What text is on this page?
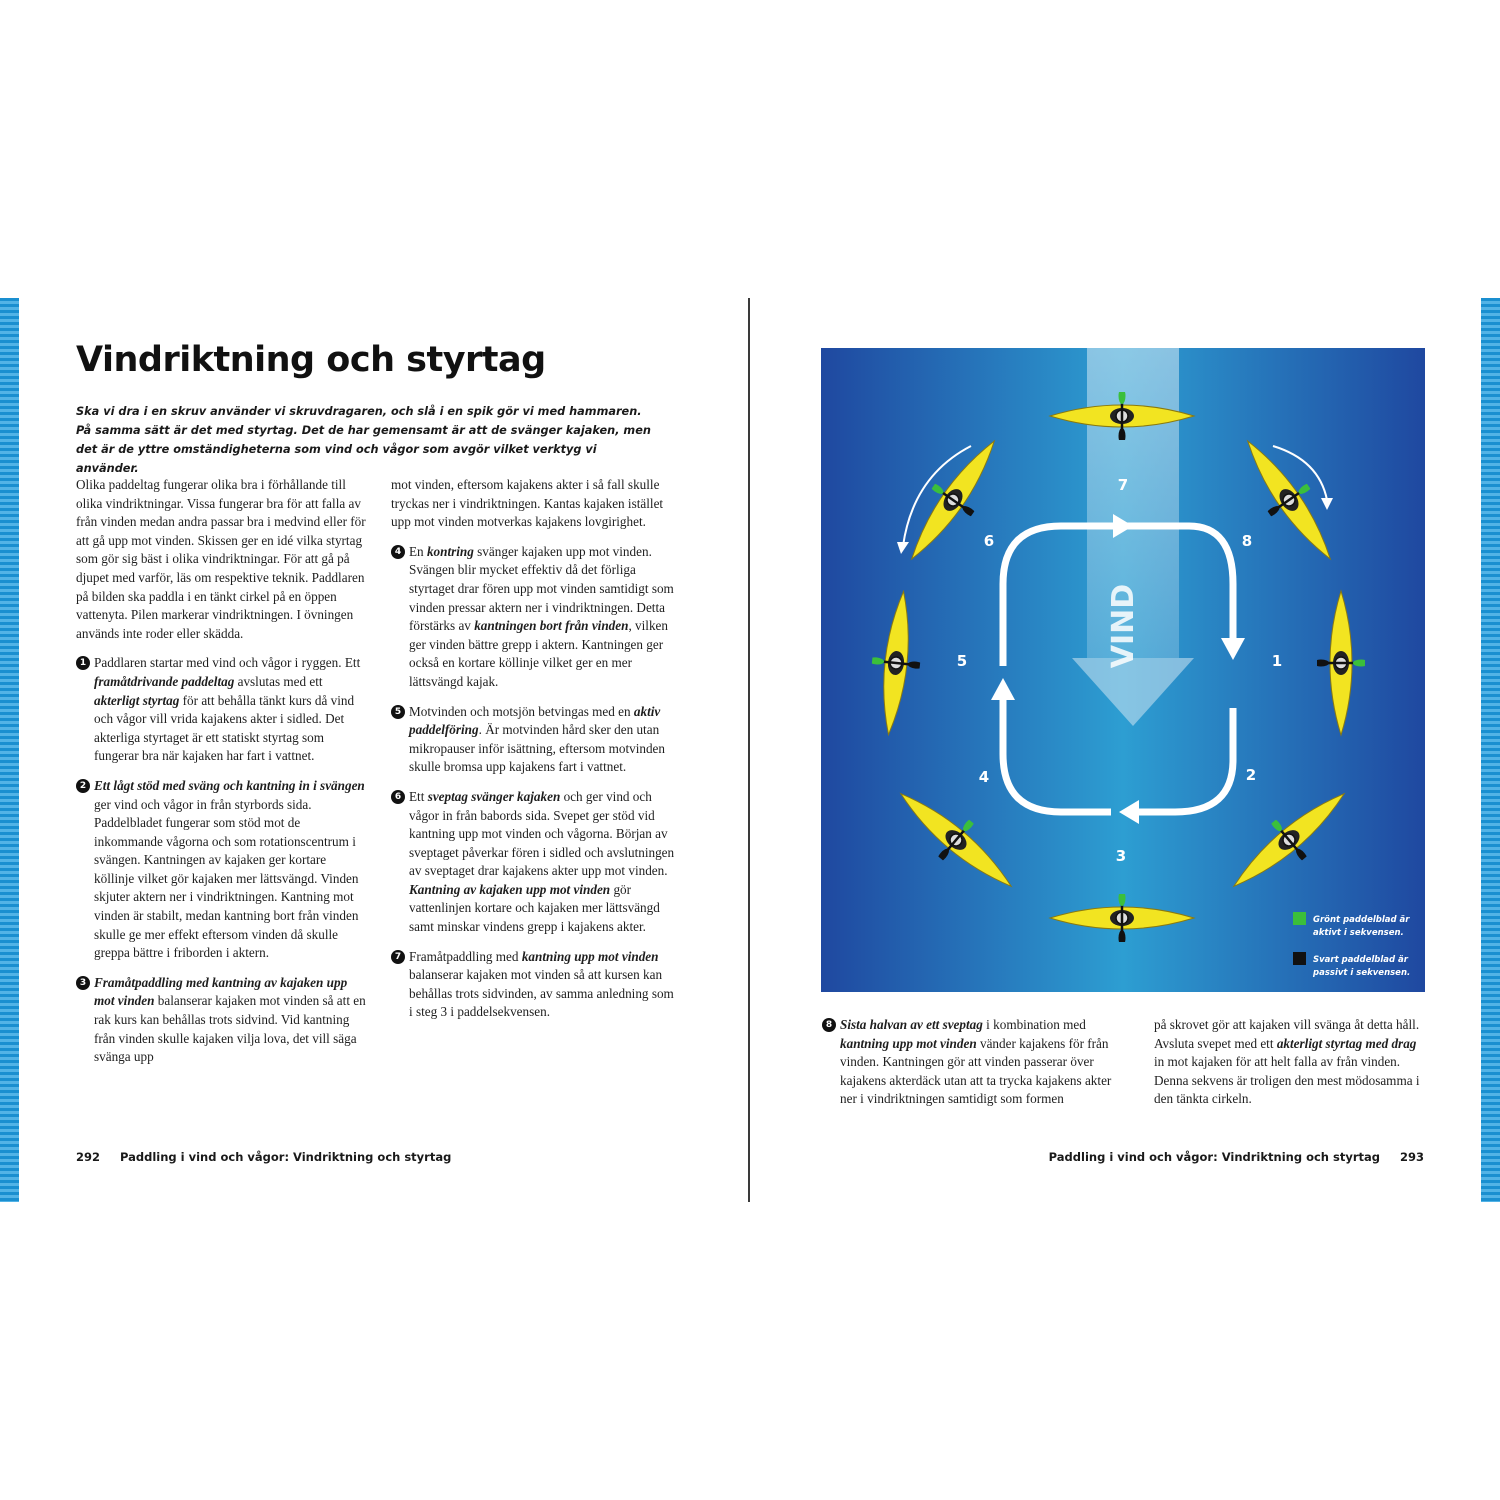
Vindriktning och styrtag
Ska vi dra i en skruv använder vi skruvdragaren, och slå i en spik gör vi med hammaren. På samma sätt är det med styrtag. Det de har gemensamt är att de svänger kajaken, men det är de yttre omständigheterna som vind och vågor som avgör vilket verktyg vi använder.

Olika paddeltag fungerar olika bra i förhållande till olika vindriktningar. Vissa fungerar bra för att falla av från vinden medan andra passar bra i medvind eller för att gå upp mot vinden. Skissen ger en idé vilka styrtag som gör sig bäst i olika vindriktningar. För att gå på djupet med varför, läs om respektive teknik. Paddlaren på bilden ska paddla i en tänkt cirkel på en öppen vattenyta. Pilen markerar vindriktningen. I övningen används inte roder eller skäddа.

1 Paddlaren startar med vind och vågor i ryggen. Ett framåtdrivande paddeltag avslutas med ett akterligt styrtag för att behålla tänkt kurs då vind och vågor vill vrida kajakens akter i sidled. Det akterliga styrtaget är ett statiskt styrtag som fungerar bra när kajaken har fart i vattnet.

2 Ett lågt stöd med sväng och kantning in i svängen ger vind och vågor in från styrbords sida. Paddelbladet fungerar som stöd mot de inkommande vågorna och som rotationscentrum i svängen. Kantningen av kajaken ger kortare köllinje vilket gör kajaken mer lättsvängd. Vinden skjuter aktern ner i vindriktningen. Kantning mot vinden är stabilt, medan kantning bort från vinden skulle ge mer effekt eftersom vinden då skulle greppa bättre i friborden i aktern.

3 Framåtpaddling med kantning av kajaken upp mot vinden balanserar kajaken mot vinden så att en rak kurs kan behållas trots sidvind. Vid kantning från vinden skulle kajaken vilja lova, det vill säga svänga upp

mot vinden, eftersom kajakens akter i så fall skulle tryckas ner i vindriktningen. Kantas kajaken istället upp mot vinden motverkas kajakens lovgirighet.

4 En kontring svänger kajaken upp mot vinden. Svängen blir mycket effektiv då det förliga styrtaget drar fören upp mot vinden samtidigt som vinden pressar aktern ner i vindriktningen. Detta förstärks av kantningen bort från vinden, vilken ger vinden bättre grepp i aktern. Kantningen ger också en kortare köllinje vilket ger en mer lättsvängd kajak.

5 Motvinden och motsjön betvingas med en aktiv paddelföring. Är motvinden hård sker den utan mikropauser inför isättning, eftersom motvinden skulle bromsa upp kajakens fart i vattnet.

6 Ett sveptag svänger kajaken och ger vind och vågor in från babords sida. Svepet ger stöd vid kantning upp mot vinden och vågorna. Början av sveptaget påverkar fören i sidled och avslutningen av sveptaget drar kajakens akter upp mot vinden. Kantning av kajaken upp mot vinden gör vattenlinjen kortare och kajaken mer lättsvängd samt minskar vindens grepp i kajakens akter.

7 Framåtpaddling med kantning upp mot vinden balanserar kajaken mot vinden så att kursen kan behållas trots sidvinden, av samma anledning som i steg 3 i paddelsekvensen.

292 Paddling i vind och vågor: Vindriktning och styrtag
VIND	1
2
3
4
5
6
7
8
Grönt paddelblad är
aktivt i sekvensen.
Svart paddelblad är
passivt i sekvensen.

8 Sista halvan av ett sveptag i kombination med kantning upp mot vinden vänder kajakens för från vinden. Kantningen gör att vinden passerar över kajakens akterdäck utan att ta trycka kajakens akter ner i vindriktningen samtidigt som formen

på skrovet gör att kajaken vill svänga åt detta håll. Avsluta svepet med ett akterligt styrtag med drag in mot kajaken för att helt falla av från vinden. Denna sekvens är troligen den mest mödosamma i den tänkta cirkeln.

Paddling i vind och vågor: Vindriktning och styrtag 293
